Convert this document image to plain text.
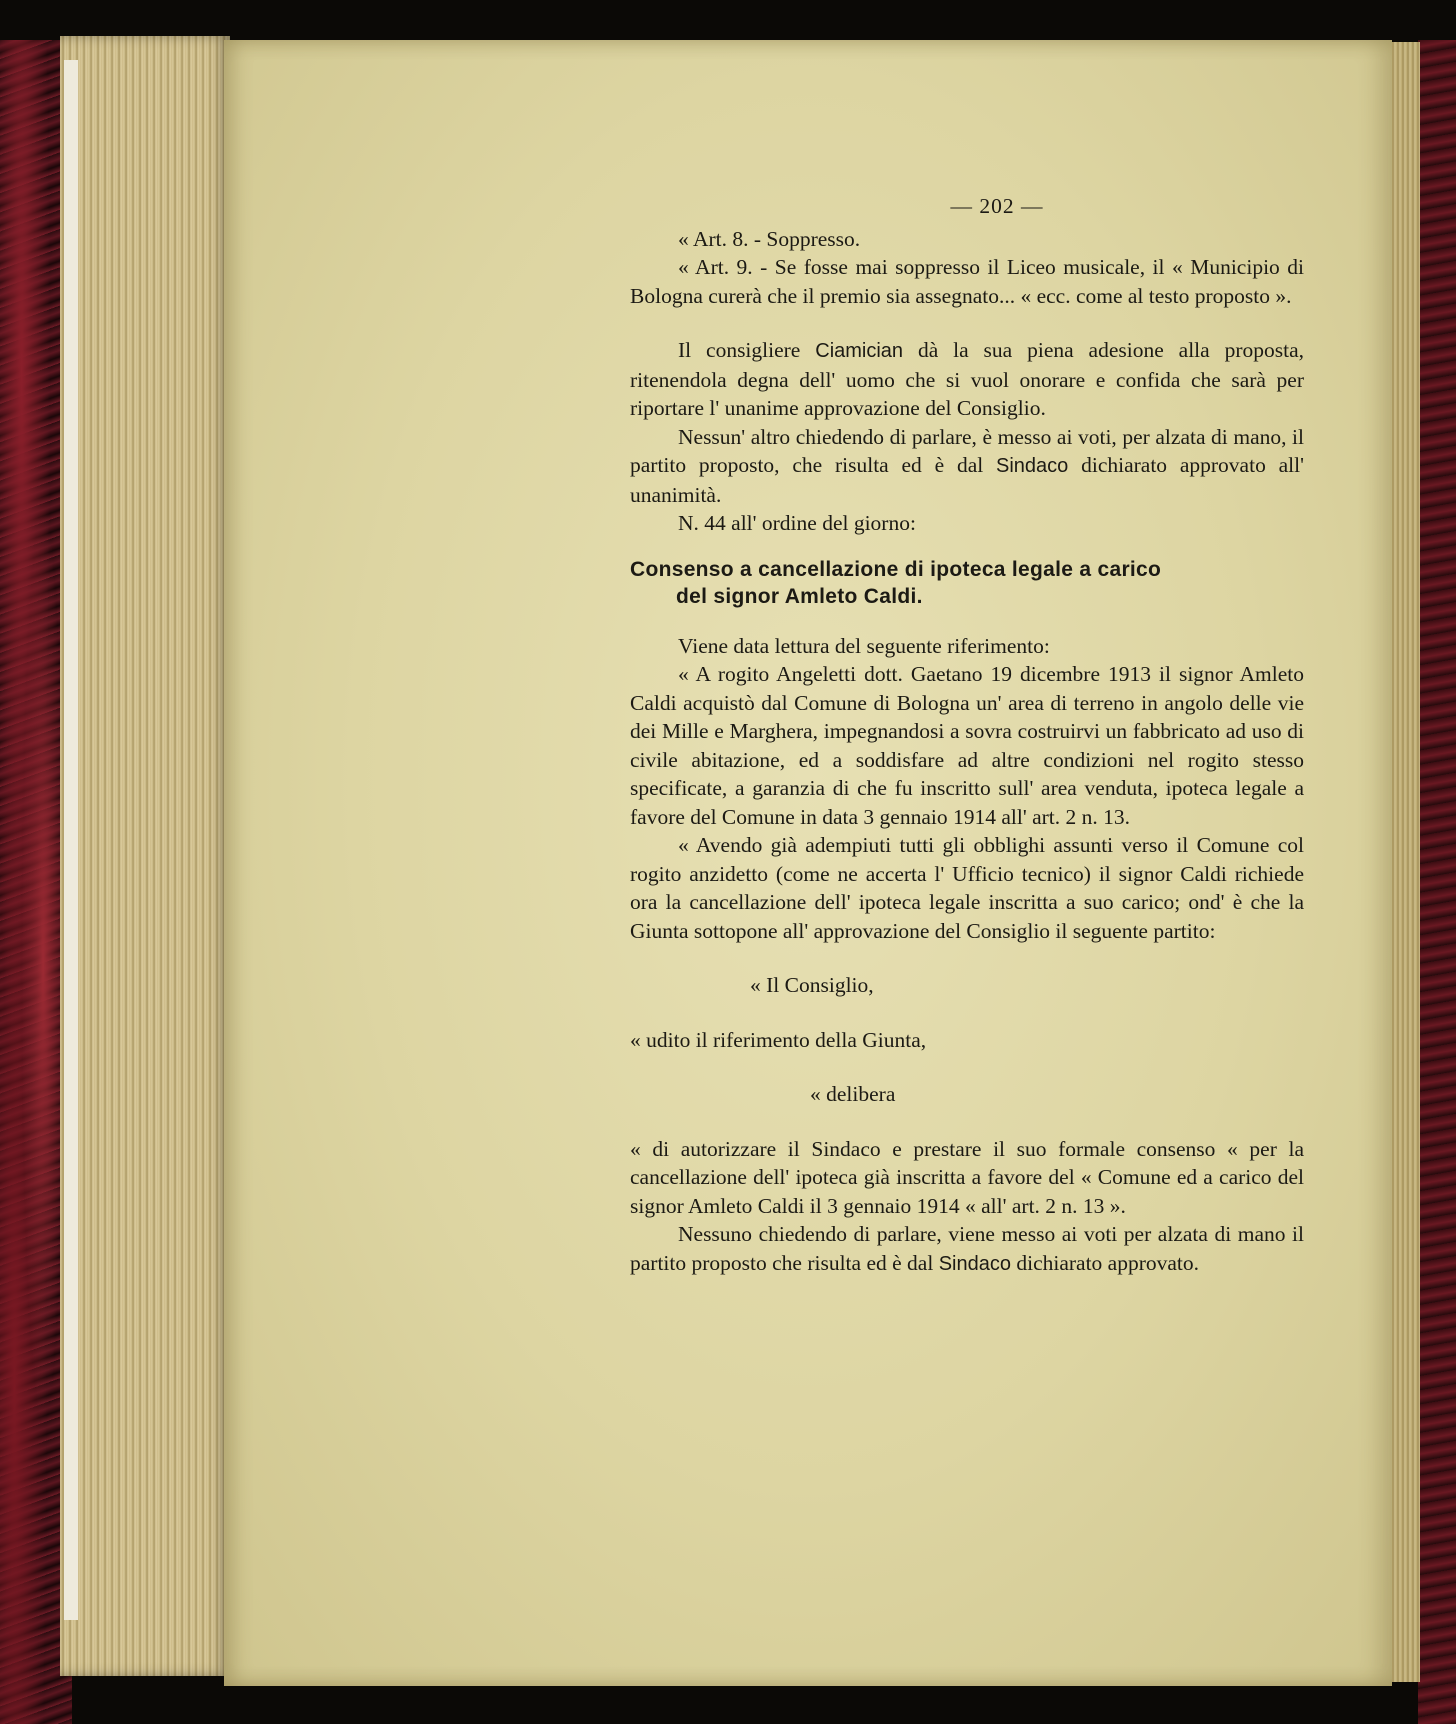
— 202 —

« Art. 8. - Soppresso.

« Art. 9. - Se fosse mai soppresso il Liceo musicale, il « Municipio di Bologna curerà che il premio sia assegnato... « ecc. come al testo proposto ».

Il consigliere Ciamician dà la sua piena adesione alla proposta, ritenendola degna dell' uomo che si vuol onorare e confida che sarà per riportare l' unanime approvazione del Consiglio.

Nessun' altro chiedendo di parlare, è messo ai voti, per alzata di mano, il partito proposto, che risulta ed è dal Sindaco dichiarato approvato all' unanimità.

N. 44 all' ordine del giorno:

Consenso a cancellazione di ipoteca legale a carico
del signor Amleto Caldi.

Viene data lettura del seguente riferimento:

« A rogito Angeletti dott. Gaetano 19 dicembre 1913 il signor Amleto Caldi acquistò dal Comune di Bologna un' area di terreno in angolo delle vie dei Mille e Marghera, impegnandosi a sovra costruirvi un fabbricato ad uso di civile abitazione, ed a soddisfare ad altre condizioni nel rogito stesso specificate, a garanzia di che fu inscritto sull' area venduta, ipoteca legale a favore del Comune in data 3 gennaio 1914 all' art. 2 n. 13.

« Avendo già adempiuti tutti gli obblighi assunti verso il Comune col rogito anzidetto (come ne accerta l' Ufficio tecnico) il signor Caldi richiede ora la cancellazione dell' ipoteca legale inscritta a suo carico; ond' è che la Giunta sottopone all' approvazione del Consiglio il seguente partito:

« Il Consiglio,

« udito il riferimento della Giunta,

« delibera

« di autorizzare il Sindaco e prestare il suo formale consenso « per la cancellazione dell' ipoteca già inscritta a favore del « Comune ed a carico del signor Amleto Caldi il 3 gennaio 1914 « all' art. 2 n. 13 ».

Nessuno chiedendo di parlare, viene messo ai voti per alzata di mano il partito proposto che risulta ed è dal Sindaco dichiarato approvato.
